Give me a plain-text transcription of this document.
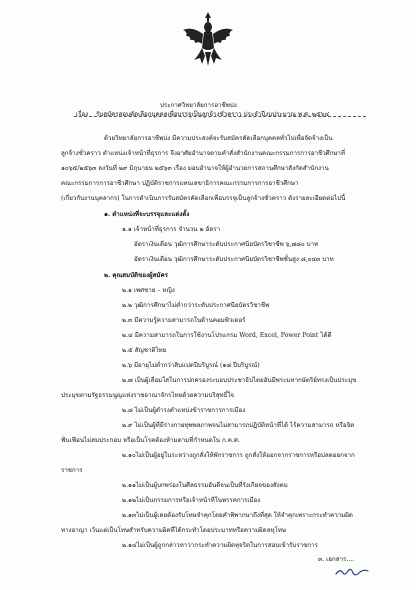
ประกาศวิทยาลัยการอาชีพปง
เรื่อง รับสมัครสอบคัดเลือกบุคคลเพื่อบรรจุเป็นลูกจ้างชั่วคราว ประจำปีงบประมาณ พ.ศ. ๒๕๖๔
ด้วยวิทยาลัยการอาชีพปง มีความประสงค์จะรับสมัครคัดเลือกบุคคลทั่วไปเพื่อจัดจ้างเป็น
ลูกจ้างชั่วคราว ตำแหน่งเจ้าหน้าที่ธุรการ จึงอาศัยอำนาจตามคำสั่งสำนักงานคณะกรรมการการอาชีวศึกษาที่
๑๐๖๕/๒๕๖๓ ลงวันที่ ๒๙ มิถุนายน ๒๕๖๓ เรื่อง มอบอำนาจให้ผู้อำนวยการสถานศึกษาสังกัดสำนักงาน
คณะกรรมการการอาชีวศึกษา ปฏิบัติราชการแทนเลขาธิการคณะกรรมการการอาชีวศึกษา
(เกี่ยวกับงานบุคลากร) ในการดำเนินการรับสมัครคัดเลือกเพื่อบรรจุเป็นลูกจ้างชั่วคราว ดังรายละเอียดต่อไปนี้
๑. ตำแหน่งที่จะบรรจุและแต่งตั้ง
๑.๑ เจ้าหน้าที่ธุรการ จำนวน ๒ อัตรา
อัตราเงินเดือน วุฒิการศึกษาระดับประกาศนียบัตรวิชาชีพ ๖,๗๘๐ บาท
อัตราเงินเดือน วุฒิการศึกษาระดับประกาศนียบัตรวิชาชีพชั้นสูง ๘,๐๔๓ บาท
๒. คุณสมบัติของผู้สมัคร
๒.๑ เพศชาย – หญิง
๒.๒ วุฒิการศึกษาไม่ต่ำกว่าระดับประกาศนียบัตรวิชาชีพ
๒.๓ มีความรู้ความสามารถในด้านคอมพิวเตอร์
๒.๔ มีความสามารถในการใช้งานโปรแกรม Word, Excel, Power Point ได้ดี
๒.๕ สัญชาติไทย
๒.๖ มีอายุไม่ต่ำกว่าสิบแปดปีบริบูรณ์ (๑๘ ปีบริบูรณ์)
๒.๗ เป็นผู้เลื่อมใสในการปกครองระบอบประชาธิปไตยอันมีพระมหากษัตริย์ทรงเป็นประมุข
ประมุขตามรัฐธรรมนูญแห่งราชอาณาจักรไทยด้วยความบริสุทธิ์ใจ
๒.๘ ไม่เป็นผู้ดำรงตำแหน่งข้าราชการการเมือง
๒.๙ ไม่เป็นผู้ที่มีร่างกายทุพพลภาพจนไม่สามารถปฏิบัติหน้าที่ได้ ไร้ความสามารถ หรือจิต
ฟั่นเฟือนไม่สมประกอบ หรือเป็นโรคต้องห้ามตามที่กำหนดใน ก.ค.ศ.
๒.๑๐ไม่เป็นผู้อยู่ในระหว่างถูกสั่งให้พักราชการ ถูกสั่งให้ออกจากราชการหรือปลดออกจาก
ราชการ
๒.๑๑ไม่เป็นผู้บกพร่องในศีลธรรมอันดีจนเป็นที่รังเกียจของสังคม
๒.๑๒ไม่เป็นกรรมการหรือเจ้าหน้าที่ในพรรคการเมือง
๒.๑๓ไม่เป็นผู้เคยต้องรับโทษจำคุกโดยคำพิพากษาถึงที่สุด ให้จำคุกเพราะกระทำความผิด
ทางอาญา เว้นแต่เป็นโทษสำหรับความผิดที่ได้กระทำโดยประมาทหรือความผิดลหุโทษ
๒.๑๔ไม่เป็นผู้ถูกกล่าวหาว่ากระทำความผิดทุจริตในการสอบเข้ารับราชการ
๓. เอกสาร....
